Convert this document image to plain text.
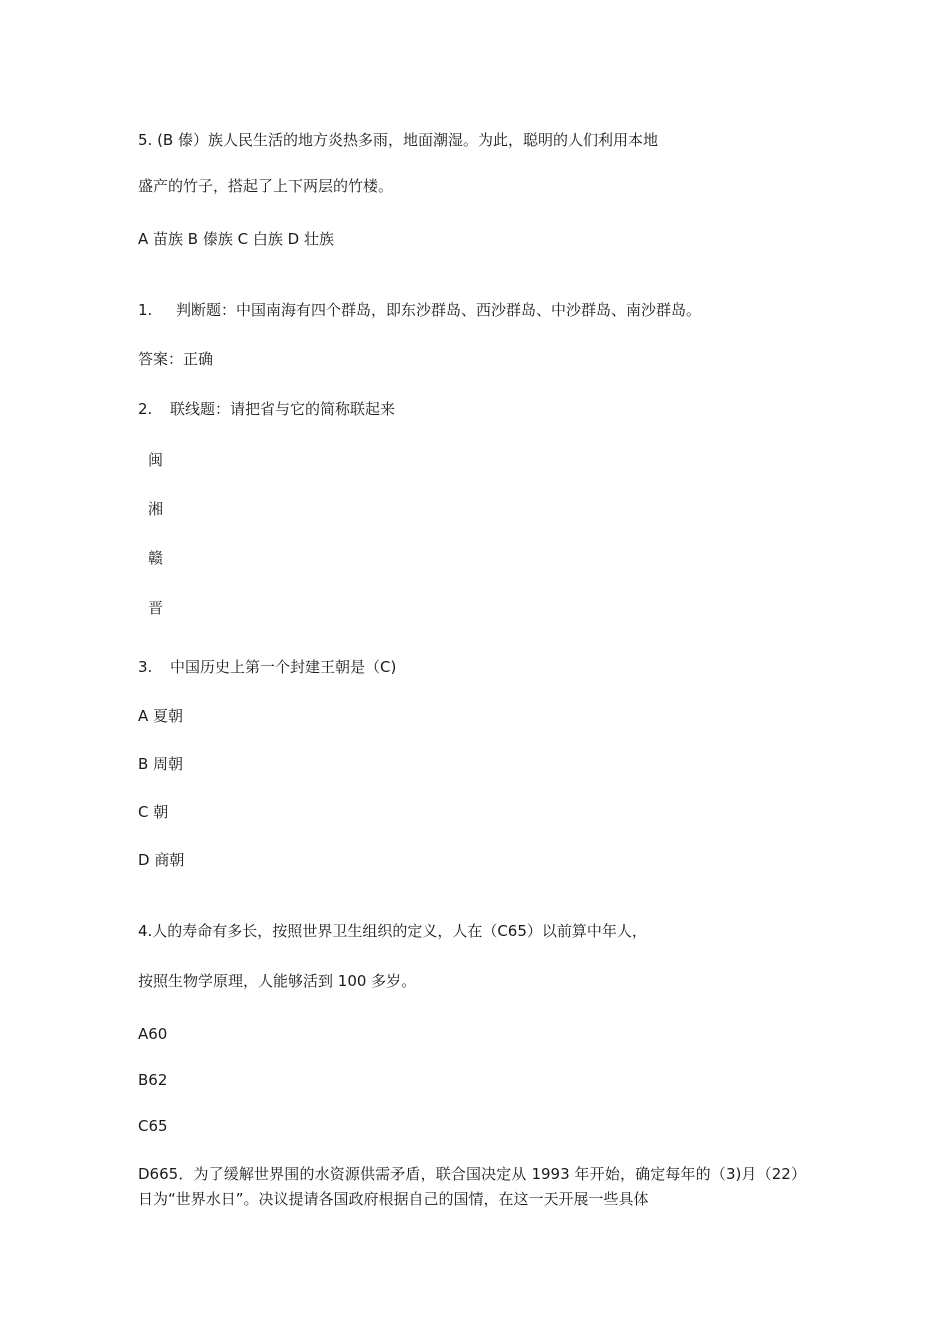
5. (B 傣）族人民生活的地方炎热多雨，地面潮湿。为此，聪明的人们利用本地
盛产的竹子，搭起了上下两层的竹楼。
A 苗族 B 傣族 C 白族 D 壮族
1. 判断题：中国南海有四个群岛，即东沙群岛、西沙群岛、中沙群岛、南沙群岛。
答案：正确
2. 联线题：请把省与它的简称联起来
闽
湘
赣
晋
3. 中国历史上第一个封建王朝是（C)
A 夏朝
B 周朝
C 朝
D 商朝
4.人的寿命有多长，按照世界卫生组织的定义，人在（C65）以前算中年人，
按照生物学原理，人能够活到 100 多岁。
A60
B62
C65
D665．为了缓解世界围的水资源供需矛盾，联合国决定从 1993 年开始，确定每年的（3)月（22）日为“世界水日”。决议提请各国政府根据自己的国情，在这一天开展一些具体
